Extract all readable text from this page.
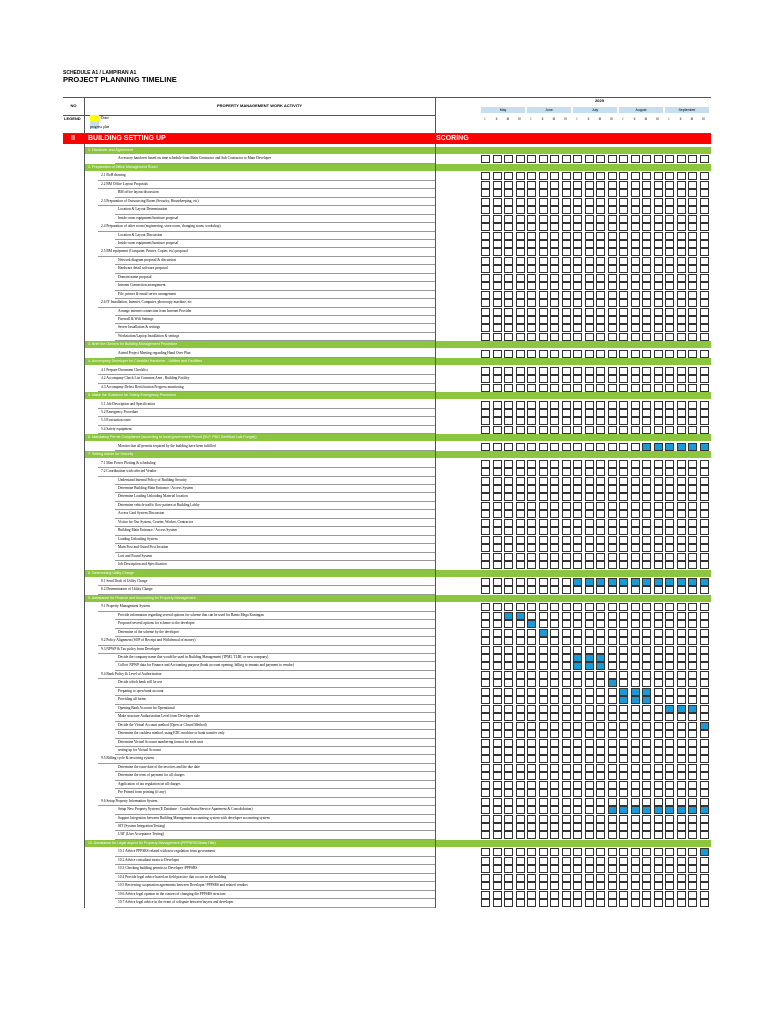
SCHEDULE A1 / LAMPIRAN A1
PROJECT PLANNING TIMELINE
NO	PROPERTY MANAGEMENT WORK ACTIVITY
LEGEND	Done
progress plan
2025
May	June	July	August	September
I	II	III	IV	I	II	III	IV	I	II	III	IV	I	II	III	IV	I	II	III	IV
II BUILDING SETTING UP	SCORING
1. Handover and Agreement
Accessory handover based on time schedule from Main Contractor and Sub Contractor to Main Developer
2. Preparation of Office Management Room
2.1 BoH drawing
2.2 BM Office Layout Proposals
BM office layout discussion
2.3 Preparation of Outsourcing Room (Security, Housekeeping, etc)
Location & Layout Determination
Inside room equipment/furniture proposal
2.4 Preparation of other room (engineering, store room, changing room, workshop)
Location & Layout Discussion
Inside room equipment/furniture proposal
2.5 BM equipment (Computer, Printer, Copier, etc) proposal
Network diagram proposal & discussion
Hardware detail software proposal
Domain name proposal
Internet Connection arrangement
File, printer & email server arrangement
2.6 IT Installation, Internet, Computer, photocopy machine, etc
Arrange internet connection from Internet Provider
Firewall & Wifi Settings
Server Installation & settings
Workstation/Laptop Installation & settings
3. Brief the Owners for Building Management Procedure
Attend Project Meeting regarding Hand Over Plan
4. Accompany Developer for Checklist Handover - Utilities and Facilities
4.1 Prepare Document Checklist
4.2 Accompany Check List Common Area , Building Facility
4.3 Accompany Defect Rectification Progress monitoring
5. Make the Guidance for Safety Emergency Procedure
5.1 Job Description and Specification
5.2 Emergency Procedure
5.3 Evacuation route
5.4 Safety equipment
6. Mandatory Permit Compliance (according to local government Permit (SLF, PBG Sertifikat Laik Fungsi))
Monitor that all permits required by the building have been fulfilled
7. Setting Admin for Security
7.1 Man Power Plotting & scheduling
7.2 Coordination with selected Vendor
Understand Internal Policy of Building Security
Determine Building Main Entrance / Access System
Determine Loading Unloading Material location
Determine vehicle traffic flow pattern at Building Lobby
Access Card System Discussion
Visitor for Our System, Courier, Worker, Contractor
Building Main Entrance / Access System
Loading Unloading System
Main Post and Guard Post location
Lost and Found System
Job Description and Specification
8. Determining Utility Charge
8.1 Send Draft of Utility Charge
8.2 Determination of Utility Charge
9. Assistance for Finance and Accounting for Property Management
9.1 Property Management System
Provide information regarding several options for scheme that can be used for Bamo Mega Kuningan
Proposed several options for scheme to the developer
Determine of the scheme by the developer
9.2 Policy Alignment (SOP of Receipt and Withdrawal of money)
9.3 NPWP & Tax policy from Developer
Decide the company name that would be used in Building Management (TPMI, TLBI, or new company)
Collect NPWP data for Finance and Accounting purpose (bank account opening, billing to tenants and payment to vendor)
9.4 Bank Policy & Level of Authorization
Decide which bank will be use
Preparing to open bank account
Providing all forms
Opening Bank Account for Operational
Make structure Authorization Level from Developer side
Decide the Virtual Account method (Open or Closed Method)
Determine the cashless method, using EDC machine or bank transfer only
Determine Virtual Account numbering format for each unit
setting up for Virtual Account
9.5 Billing cycle & invoicing system
Determine the issue date of the invoices and the due date
Determine the term of payment for all charges
Application of tax regulation on all charges
Pre Printed form printing (if any)
9.6 Setup Property Information System
Setup New Property System (E Database : Condo/Strata/Service Apartment & Consolidation)
Support Integration between Building Management accounting system with developer accounting system
SIT (System Integration Testing)
UAT (User Acceptance Testing)
10. Assistance for Legal aspect for Property Management (PPPSRS/Strata Title)
10.1 Advice PPPSRS related with new regulation from government
10.2 Advice consultant strata to Developer
10.3 Checking building permits to Developer /PPPSRS
10.4 Provide legal advice based on field practice that occurs in the building
10.5 Reviewing cooperation agreements between Developer/ PPPSRS and related vendors
10.6 Advice legal opinion in the context of changing the PPPSRS structure
10.7 Advice legal advice in the event of a dispute between buyers and developer
